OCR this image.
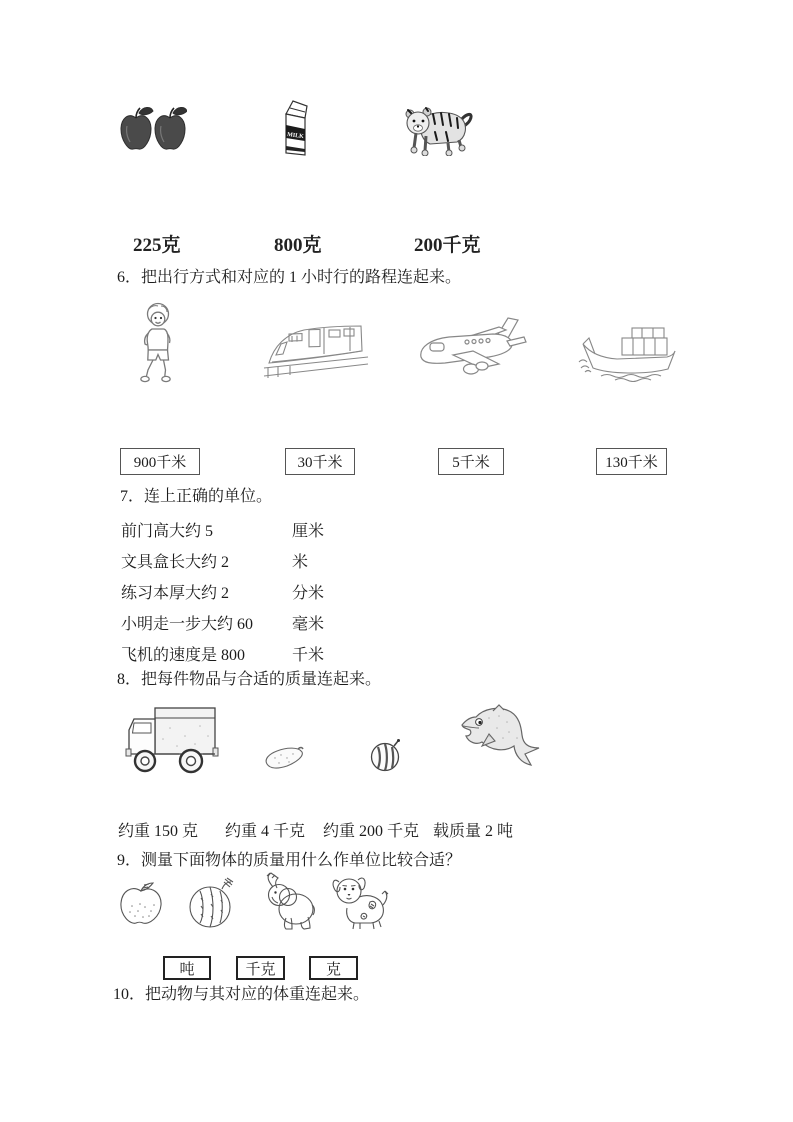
MILK
225克	800克	200千克
6．把出行方式和对应的 1 小时行的路程连起来。
900千米	30千米	5千米	130千米
7．连上正确的单位。
前门高大约 5	厘米
文具盒长大约 2	米
练习本厚大约 2	分米
小明走一步大约 60 毫米
飞机的速度是 800	千米
8．把每件物品与合适的质量连起来。
约重 150 克 约重 4 千克 约重 200 千克 载质量 2 吨
9．测量下面物体的质量用什么作单位比较合适？
吨	千克	克
10．把动物与其对应的体重连起来。
